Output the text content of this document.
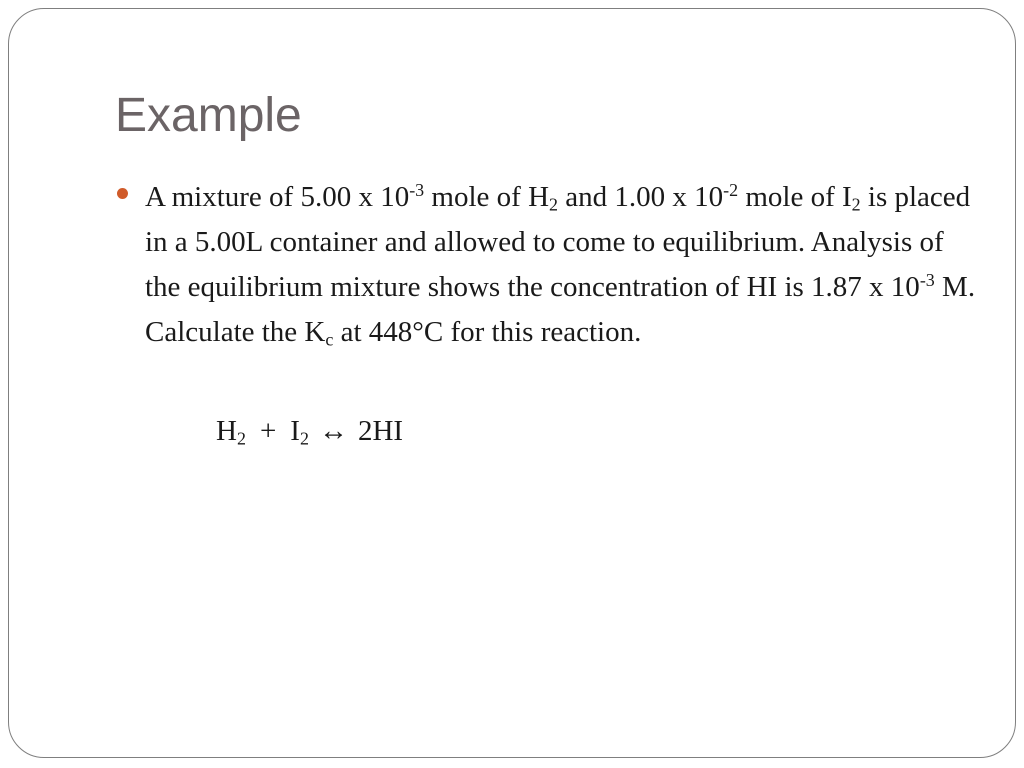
Example
A mixture of 5.00 x $10^{-3}$ mole of $H_2$ and 1.00 x $10^{-2}$ mole of $I_2$ is placed in a 5.00L container and allowed to come to equilibrium. Analysis of the equilibrium mixture shows the concentration of HI is 1.87 x $10^{-3}$ M. Calculate the $K_c$ at 448°C for this reaction.
$H_2 + I_2$ ↔ 2HI
